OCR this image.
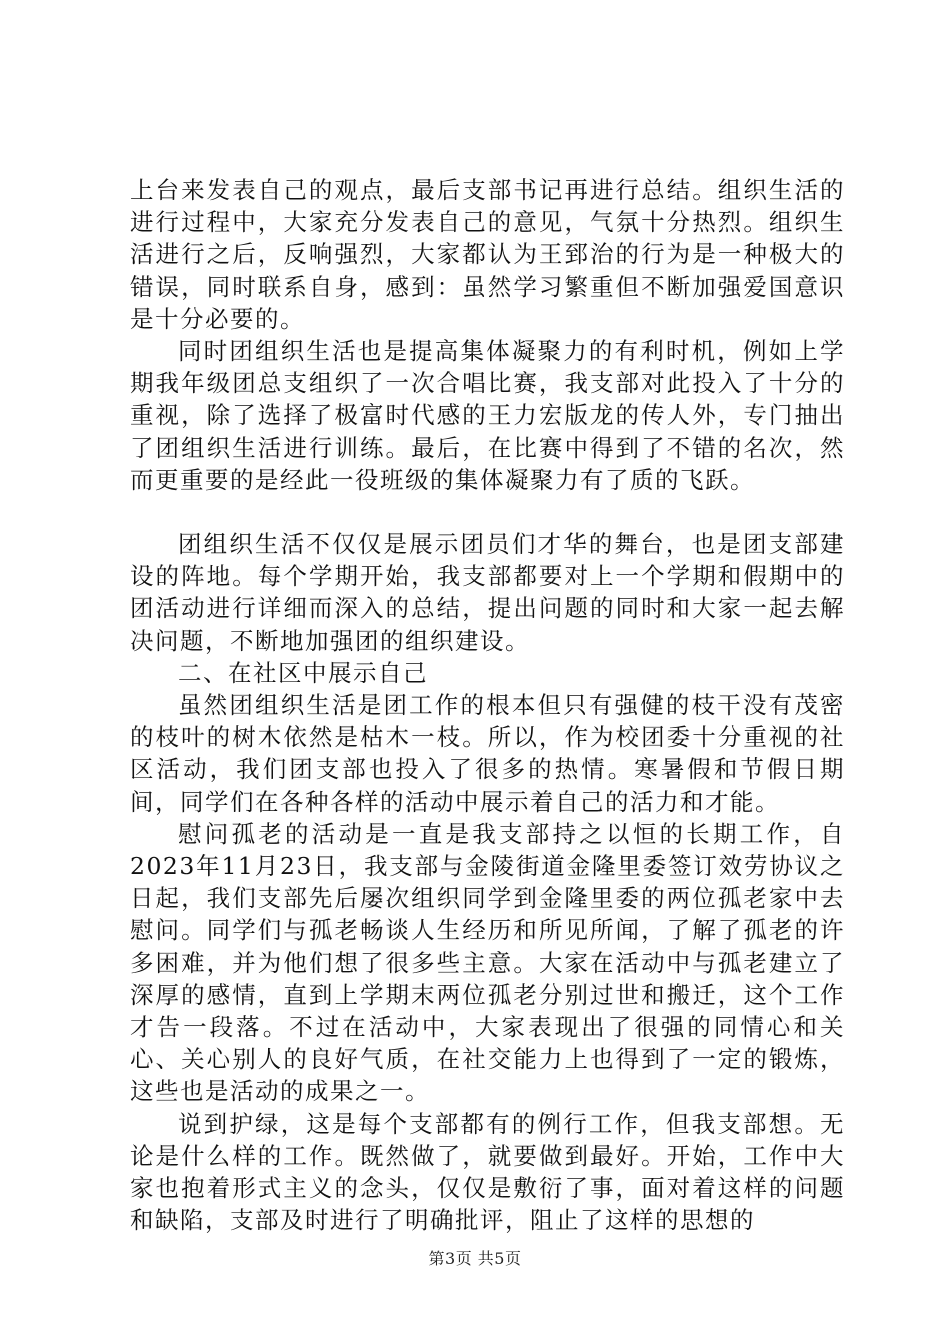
上台来发表自己的观点，最后支部书记再进行总结。组织生活的进行过程中，大家充分发表自己的意见，气氛十分热烈。组织生活进行之后，反响强烈，大家都认为王郅治的行为是一种极大的错误，同时联系自身，感到：虽然学习繁重但不断加强爱国意识是十分必要的。

同时团组织生活也是提高集体凝聚力的有利时机，例如上学期我年级团总支组织了一次合唱比赛，我支部对此投入了十分的重视，除了选择了极富时代感的王力宏版龙的传人外，专门抽出了团组织生活进行训练。最后，在比赛中得到了不错的名次，然而更重要的是经此一役班级的集体凝聚力有了质的飞跃。

团组织生活不仅仅是展示团员们才华的舞台，也是团支部建设的阵地。每个学期开始，我支部都要对上一个学期和假期中的团活动进行详细而深入的总结，提出问题的同时和大家一起去解决问题，不断地加强团的组织建设。

二、在社区中展示自己

虽然团组织生活是团工作的根本但只有强健的枝干没有茂密的枝叶的树木依然是枯木一枝。所以，作为校团委十分重视的社区活动，我们团支部也投入了很多的热情。寒暑假和节假日期间，同学们在各种各样的活动中展示着自己的活力和才能。

慰问孤老的活动是一直是我支部持之以恒的长期工作，自2023年11月23日，我支部与金陵街道金隆里委签订效劳协议之日起，我们支部先后屡次组织同学到金隆里委的两位孤老家中去慰问。同学们与孤老畅谈人生经历和所见所闻，了解了孤老的许多困难，并为他们想了很多些主意。大家在活动中与孤老建立了深厚的感情，直到上学期末两位孤老分别过世和搬迁，这个工作才告一段落。不过在活动中，大家表现出了很强的同情心和关心、关心别人的良好气质，在社交能力上也得到了一定的锻炼，这些也是活动的成果之一。

说到护绿，这是每个支部都有的例行工作，但我支部想。无论是什么样的工作。既然做了，就要做到最好。开始，工作中大家也抱着形式主义的念头，仅仅是敷衍了事，面对着这样的问题和缺陷，支部及时进行了明确批评，阻止了这样的思想的

第3页 共5页
